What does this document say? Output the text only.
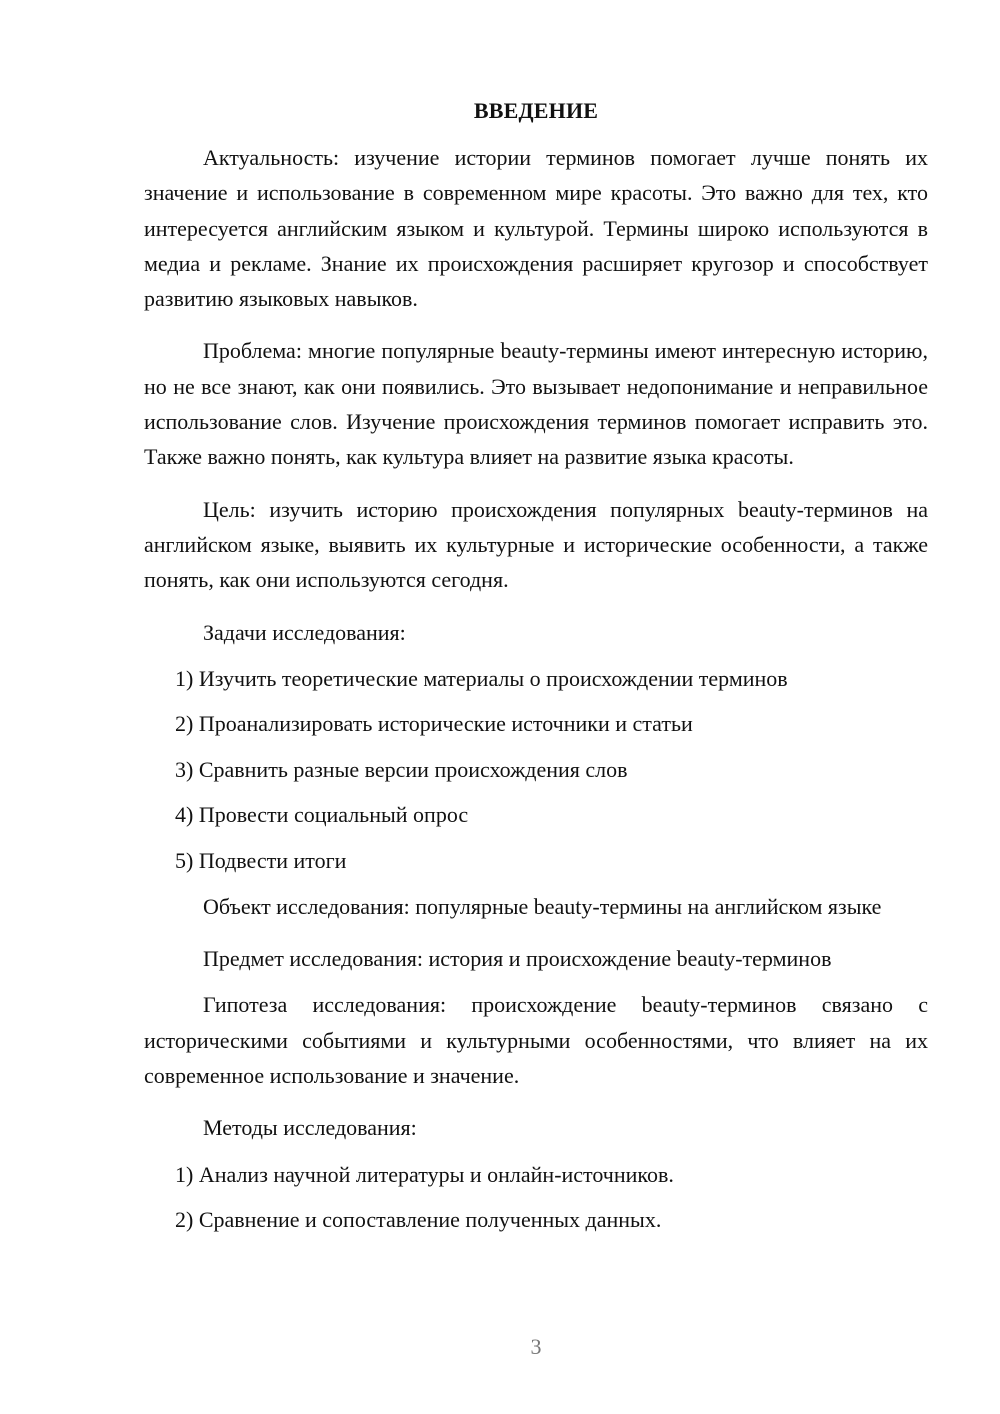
ВВЕДЕНИЕ

Актуальность: изучение истории терминов помогает лучше понять их значение и использование в современном мире красоты. Это важно для тех, кто интересуется английским языком и культурой. Термины широко используются в медиа и рекламе. Знание их происхождения расширяет кругозор и способствует развитию языковых навыков.

Проблема: многие популярные beauty-термины имеют интересную историю, но не все знают, как они появились. Это вызывает недопонимание и неправильное использование слов. Изучение происхождения терминов помогает исправить это. Также важно понять, как культура влияет на развитие языка красоты.

Цель: изучить историю происхождения популярных beauty-терминов на английском языке, выявить их культурные и исторические особенности, а также понять, как они используются сегодня.

Задачи исследования:

1) Изучить теоретические материалы о происхождении терминов
2) Проанализировать исторические источники и статьи
3) Сравнить разные версии происхождения слов
4) Провести социальный опрос
5) Подвести итоги

Объект исследования: популярные beauty-термины на английском языке

Предмет исследования: история и происхождение beauty-терминов

Гипотеза исследования: происхождение beauty-терминов связано с историческими событиями и культурными особенностями, что влияет на их современное использование и значение.

Методы исследования:

1) Анализ научной литературы и онлайн-источников.
2) Сравнение и сопоставление полученных данных.
3
